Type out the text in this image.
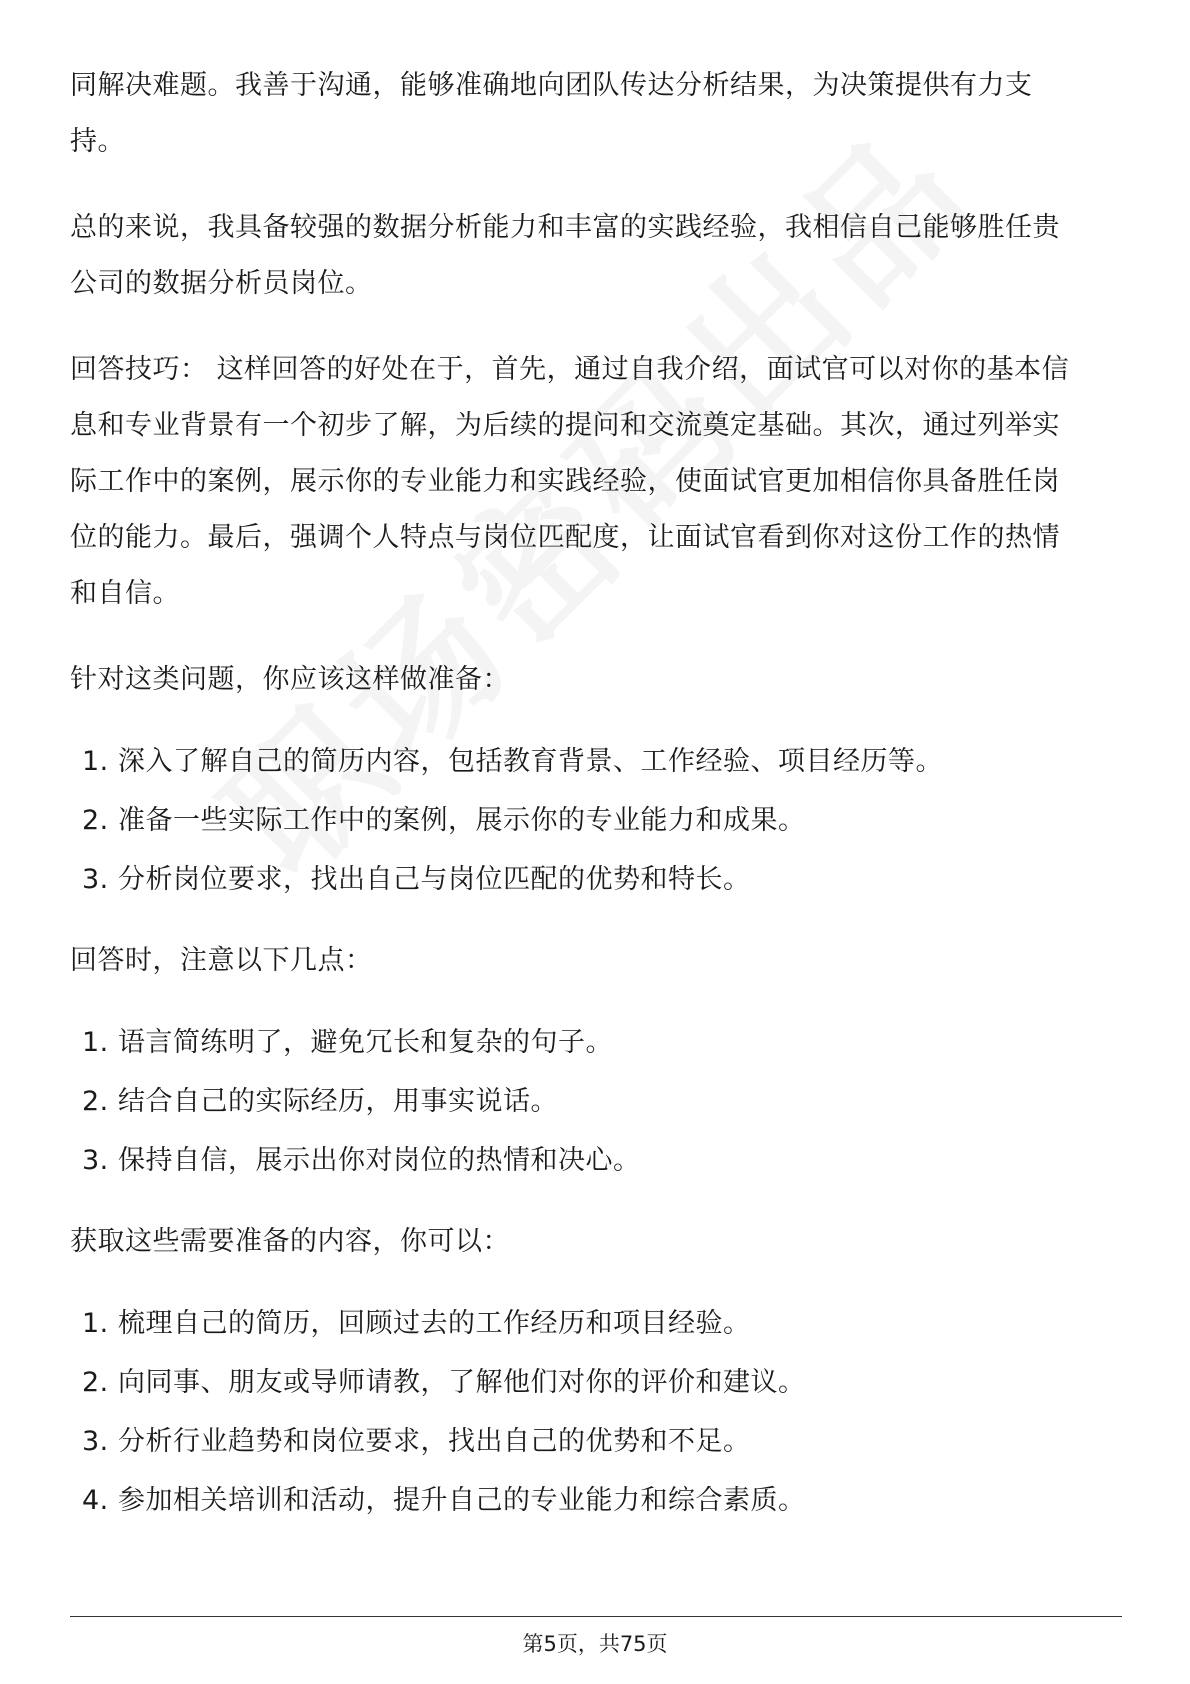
同解决难题。我善于沟通，能够准确地向团队传达分析结果，为决策提供有力支

持。

总的来说，我具备较强的数据分析能力和丰富的实践经验，我相信自己能够胜任贵

公司的数据分析员岗位。

回答技巧： 这样回答的好处在于，首先，通过自我介绍，面试官可以对你的基本信

息和专业背景有一个初步了解，为后续的提问和交流奠定基础。其次，通过列举实

际工作中的案例，展示你的专业能力和实践经验，使面试官更加相信你具备胜任岗

位的能力。最后，强调个人特点与岗位匹配度，让面试官看到你对这份工作的热情

和自信。

针对这类问题，你应该这样做准备：

1. 深入了解自己的简历内容，包括教育背景、工作经验、项目经历等。
2. 准备一些实际工作中的案例，展示你的专业能力和成果。
3. 分析岗位要求，找出自己与岗位匹配的优势和特长。

回答时，注意以下几点：

1. 语言简练明了，避免冗长和复杂的句子。
2. 结合自己的实际经历，用事实说话。
3. 保持自信，展示出你对岗位的热情和决心。

获取这些需要准备的内容，你可以：

1. 梳理自己的简历，回顾过去的工作经历和项目经验。
2. 向同事、朋友或导师请教，了解他们对你的评价和建议。
3. 分析行业趋势和岗位要求，找出自己的优势和不足。
4. 参加相关培训和活动，提升自己的专业能力和综合素质。
第5页，共75页
